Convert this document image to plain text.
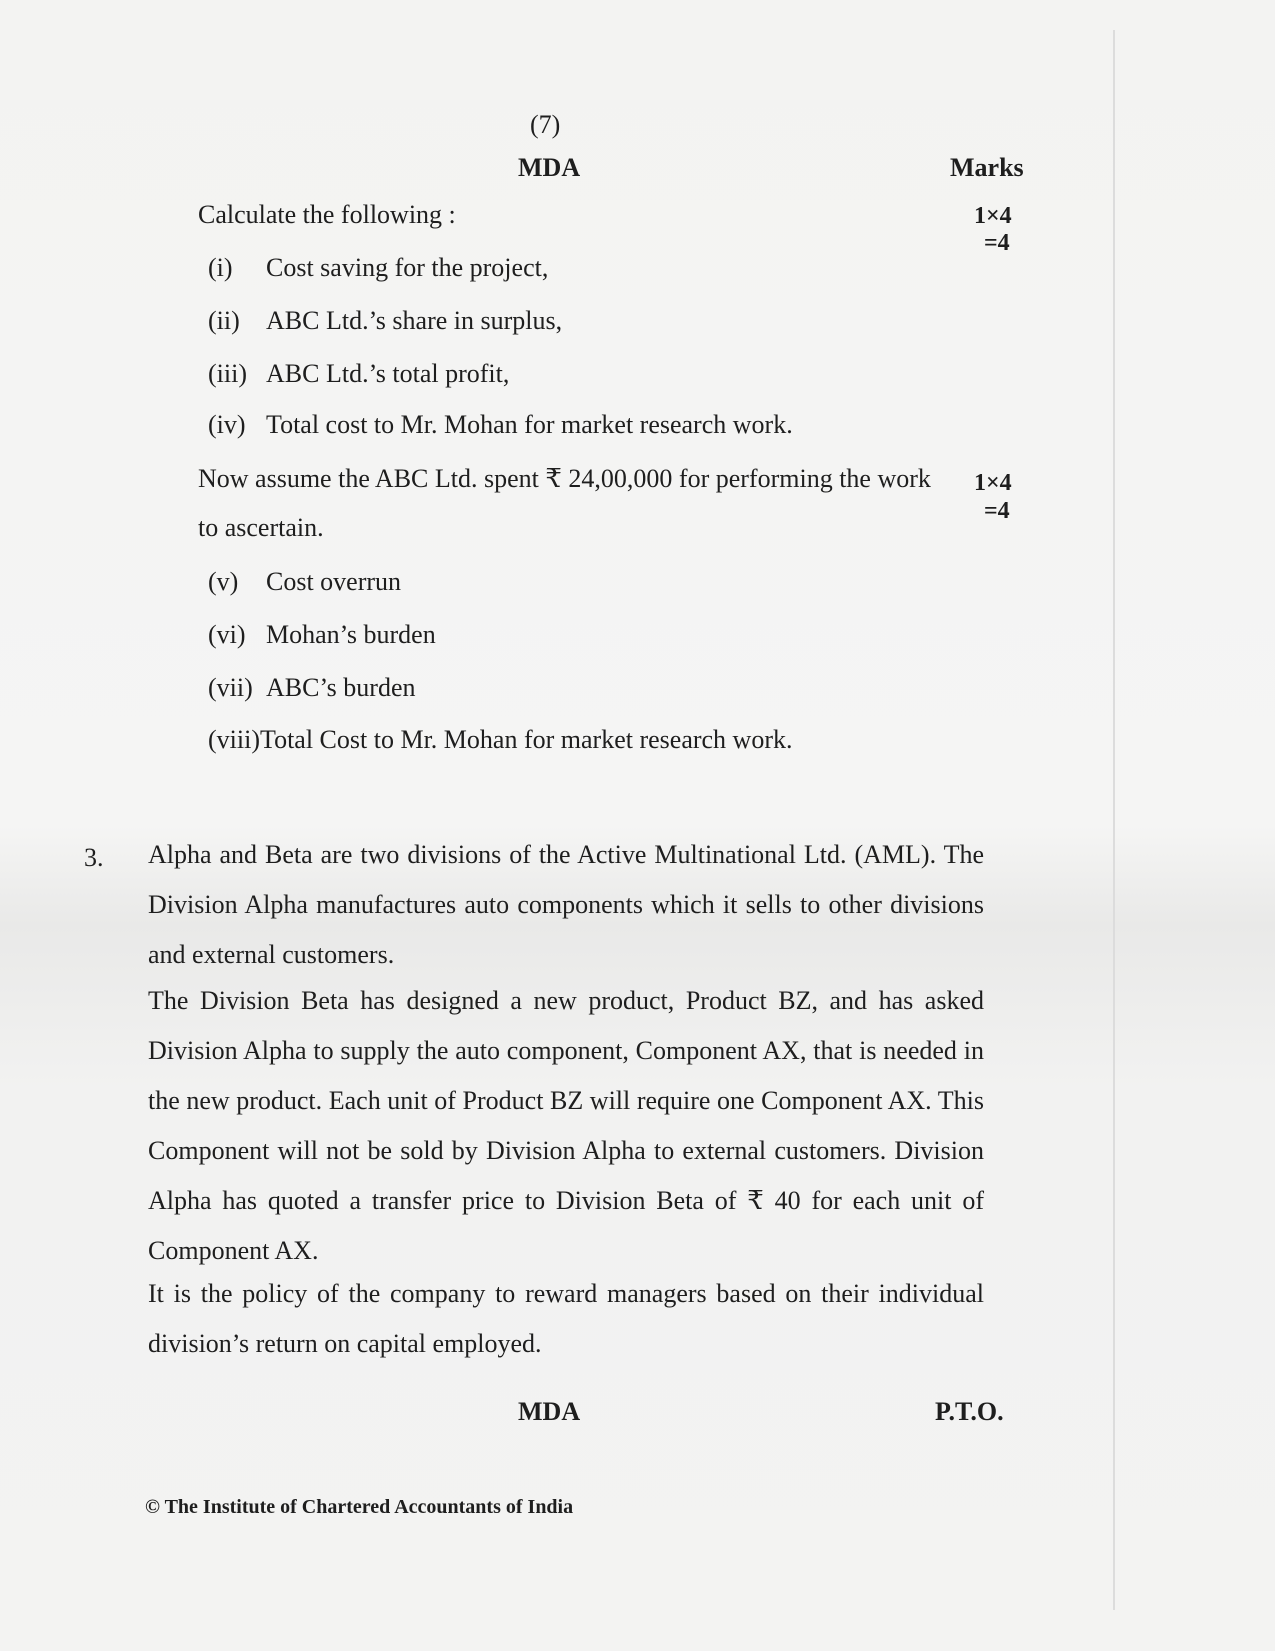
(7)
MDA	Marks
Calculate the following :	1×4
=4
(i) Cost saving for the project,
(ii) ABC Ltd.’s share in surplus,
(iii) ABC Ltd.’s total profit,
(iv) Total cost to Mr. Mohan for market research work.
Now assume the ABC Ltd. spent ₹ 24,00,000 for performing the work
to ascertain.
1×4
=4
(v) Cost overrun
(vi) Mohan’s burden
(vii) ABC’s burden
(viii)Total Cost to Mr. Mohan for market research work.
3. Alpha and Beta are two divisions of the Active Multinational Ltd. (AML). The Division Alpha manufactures auto components which it sells to other divisions and external customers.
The Division Beta has designed a new product, Product BZ, and has asked Division Alpha to supply the auto component, Component AX, that is needed in the new product. Each unit of Product BZ will require one Component AX. This Component will not be sold by Division Alpha to external customers. Division Alpha has quoted a transfer price to Division Beta of ₹ 40 for each unit of Component AX.
It is the policy of the company to reward managers based on their individual division’s return on capital employed.
MDA	P.T.O.
© The Institute of Chartered Accountants of India
